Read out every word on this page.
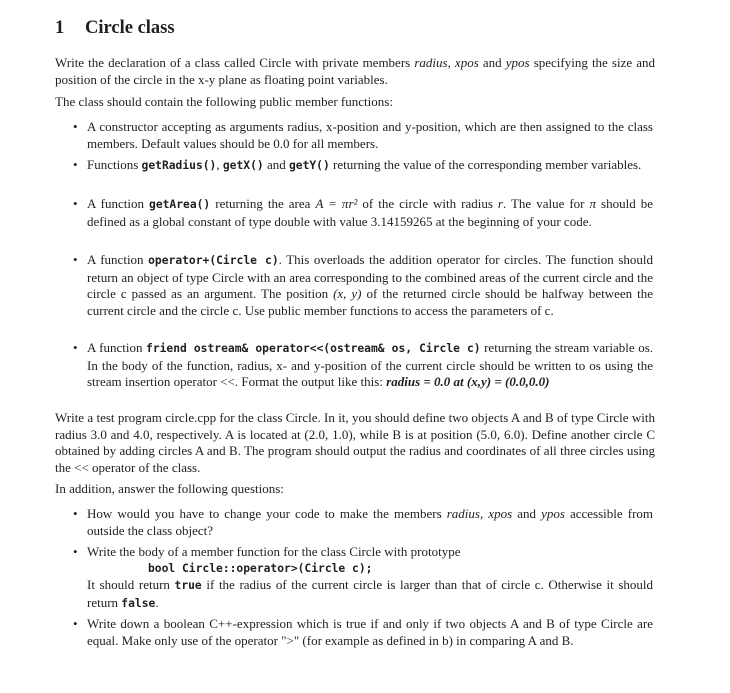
1 Circle class

Write the declaration of a class called Circle with private members radius, xpos and ypos specifying the size and position of the circle in the x-y plane as floating point variables.

The class should contain the following public member functions:

• A constructor accepting as arguments radius, x-position and y-position, which are then assigned to the class members. Default values should be 0.0 for all members.

• Functions getRadius(), getX() and getY() returning the value of the corresponding member variables.

• A function getArea() returning the area A = πr² of the circle with radius r. The value for π should be defined as a global constant of type double with value 3.14159265 at the beginning of your code.

• A function operator+(Circle c). This overloads the addition operator for circles. The function should return an object of type Circle with an area corresponding to the combined areas of the current circle and the circle c passed as an argument. The position (x, y) of the returned circle should be halfway between the current circle and the circle c. Use public member functions to access the parameters of c.

• A function friend ostream& operator<<(ostream& os, Circle c) returning the stream variable os. In the body of the function, radius, x- and y-position of the current circle should be written to os using the stream insertion operator <<. Format the output like this: radius = 0.0 at (x,y) = (0.0,0.0)

Write a test program circle.cpp for the class Circle. In it, you should define two objects A and B of type Circle with radius 3.0 and 4.0, respectively. A is located at (2.0, 1.0), while B is at position (5.0, 6.0). Define another circle C obtained by adding circles A and B. The program should output the radius and coordinates of all three circles using the << operator of the class.

In addition, answer the following questions:

• How would you have to change your code to make the members radius, xpos and ypos accessible from outside the class object?

• Write the body of a member function for the class Circle with prototype

bool Circle::operator>(Circle c);

It should return true if the radius of the current circle is larger than that of circle c. Otherwise it should return false.

• Write down a boolean C++-expression which is true if and only if two objects A and B of type Circle are equal. Make only use of the operator ">" (for example as defined in b) in comparing A and B.
